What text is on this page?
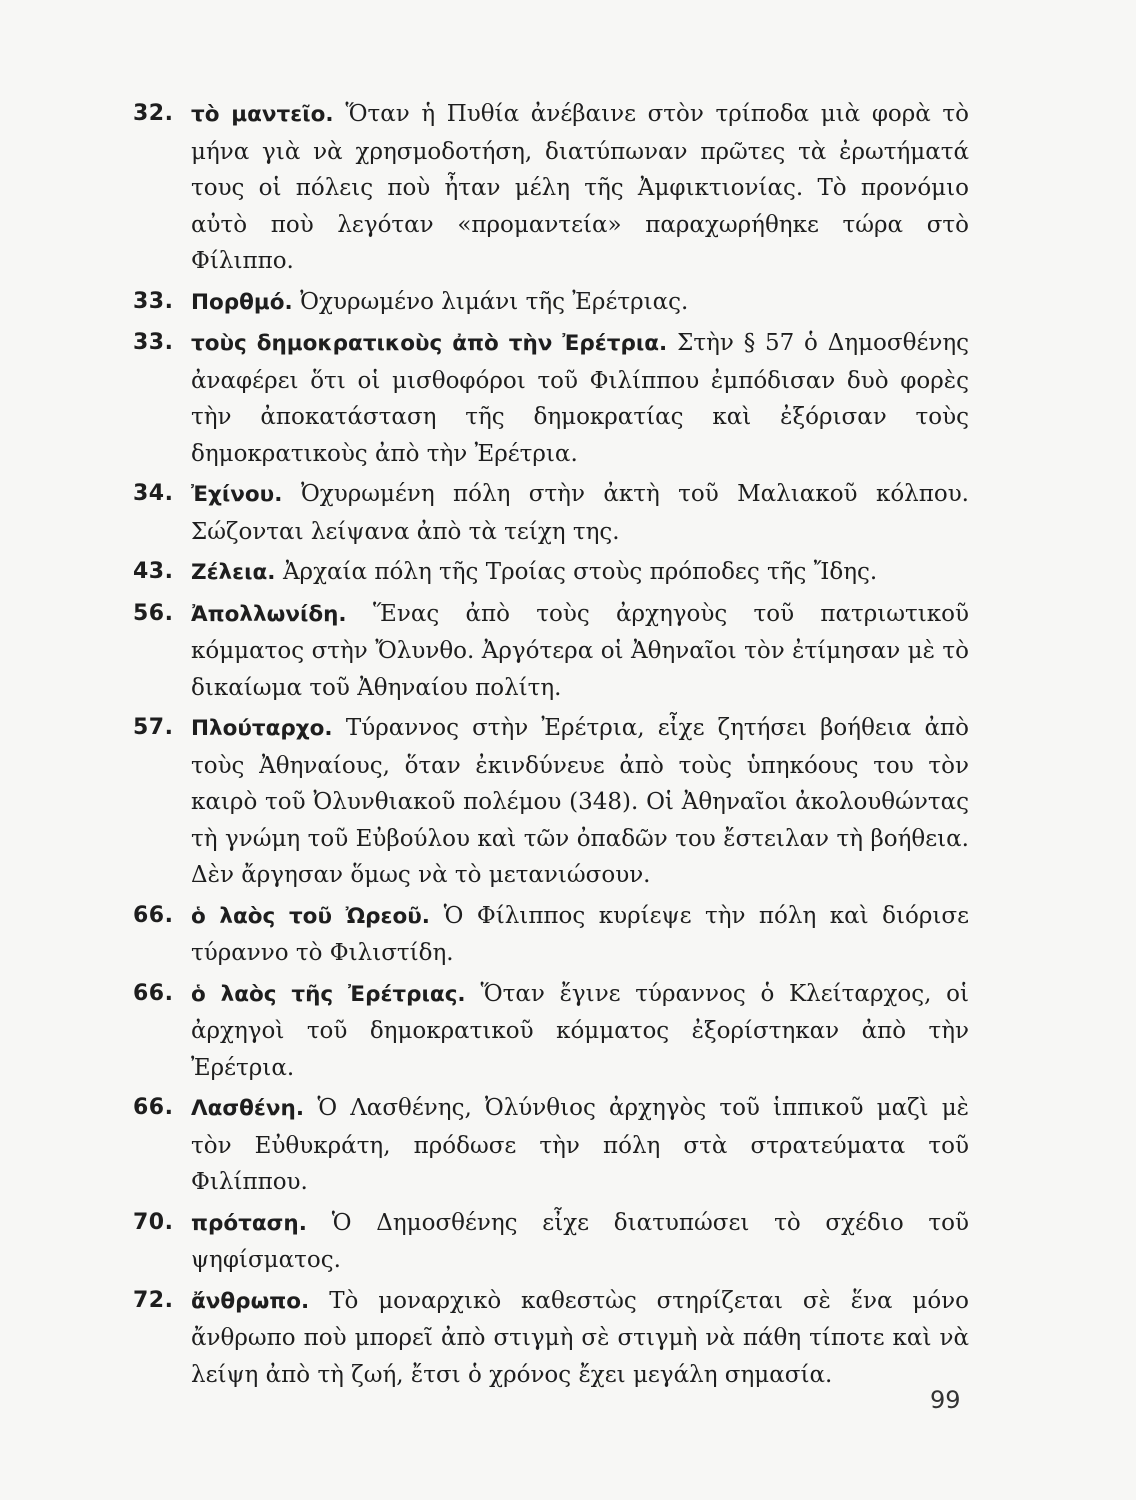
32. τὸ μαντεῖο. Ὅταν ἡ Πυθία ἀνέβαινε στὸν τρίποδα μιὰ φορὰ τὸ μήνα γιὰ νὰ χρησμοδοτήση, διατύπωναν πρῶτες τὰ ἐρωτήματά τους οἱ πόλεις ποὺ ἦταν μέλη τῆς Ἀμφικτιονίας. Τὸ προνόμιο αὐτὸ ποὺ λεγόταν «προμαντεία» παραχωρήθηκε τώρα στὸ Φίλιππο.
33. Πορθμό. Ὀχυρωμένο λιμάνι τῆς Ἐρέτριας.
33. τοὺς δημοκρατικοὺς ἀπὸ τὴν Ἐρέτρια. Στὴν § 57 ὁ Δημοσθένης ἀναφέρει ὅτι οἱ μισθοφόροι τοῦ Φιλίππου ἐμπόδισαν δυὸ φορὲς τὴν ἀποκατάσταση τῆς δημοκρατίας καὶ ἐξόρισαν τοὺς δημοκρατικοὺς ἀπὸ τὴν Ἐρέτρια.
34. Ἐχίνου. Ὀχυρωμένη πόλη στὴν ἀκτὴ τοῦ Μαλιακοῦ κόλπου. Σώζονται λείψανα ἀπὸ τὰ τείχη της.
43. Ζέλεια. Ἀρχαία πόλη τῆς Τροίας στοὺς πρόποδες τῆς Ἴδης.
56. Ἀπολλωνίδη. Ἕνας ἀπὸ τοὺς ἀρχηγοὺς τοῦ πατριωτικοῦ κόμματος στὴν Ὄλυνθο. Ἀργότερα οἱ Ἀθηναῖοι τὸν ἐτίμησαν μὲ τὸ δικαίωμα τοῦ Ἀθηναίου πολίτη.
57. Πλούταρχο. Τύραννος στὴν Ἐρέτρια, εἶχε ζητήσει βοήθεια ἀπὸ τοὺς Ἀθηναίους, ὅταν ἐκινδύνευε ἀπὸ τοὺς ὑπηκόους του τὸν καιρὸ τοῦ Ὀλυνθιακοῦ πολέμου (348). Οἱ Ἀθηναῖοι ἀκολουθώντας τὴ γνώμη τοῦ Εὐβούλου καὶ τῶν ὀπαδῶν του ἔστειλαν τὴ βοήθεια. Δὲν ἄργησαν ὅμως νὰ τὸ μετανιώσουν.
66. ὁ λαὸς τοῦ Ὠρεοῦ. Ὁ Φίλιππος κυρίεψε τὴν πόλη καὶ διόρισε τύραννο τὸ Φιλιστίδη.
66. ὁ λαὸς τῆς Ἐρέτριας. Ὅταν ἔγινε τύραννος ὁ Κλείταρχος, οἱ ἀρχηγοὶ τοῦ δημοκρατικοῦ κόμματος ἐξορίστηκαν ἀπὸ τὴν Ἐρέτρια.
66. Λασθένη. Ὁ Λασθένης, Ὀλύνθιος ἀρχηγὸς τοῦ ἱππικοῦ μαζὶ μὲ τὸν Εὐθυκράτη, πρόδωσε τὴν πόλη στὰ στρατεύματα τοῦ Φιλίππου.
70. πρόταση. Ὁ Δημοσθένης εἶχε διατυπώσει τὸ σχέδιο τοῦ ψηφίσματος.
72. ἄνθρωπο. Τὸ μοναρχικὸ καθεστὼς στηρίζεται σὲ ἕνα μόνο ἄνθρωπο ποὺ μπορεῖ ἀπὸ στιγμὴ σὲ στιγμὴ νὰ πάθη τίποτε καὶ νὰ λείψη ἀπὸ τὴ ζωή, ἔτσι ὁ χρόνος ἔχει μεγάλη σημασία.
99
